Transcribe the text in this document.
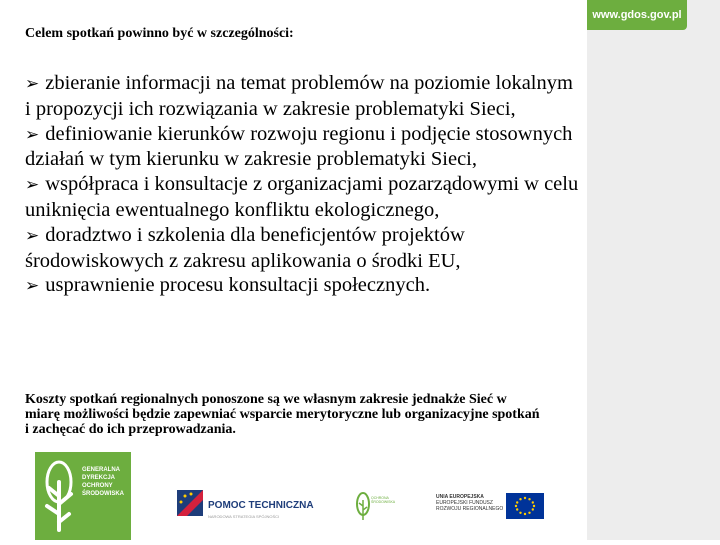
www.gdos.gov.pl

Celem spotkań powinno być w szczególności:

➢ zbieranie informacji na temat problemów na poziomie lokalnym i propozycji ich rozwiązania w zakresie problematyki Sieci,
➢ definiowanie kierunków rozwoju regionu i podjęcie stosownych działań w tym kierunku w zakresie problematyki Sieci,
➢ współpraca i konsultacje z organizacjami pozarządowymi w celu uniknięcia ewentualnego konfliktu ekologicznego,
➢ doradztwo i szkolenia dla beneficjentów projektów środowiskowych z zakresu aplikowania o środki EU,
➢ usprawnienie procesu konsultacji społecznych.

Koszty spotkań regionalnych ponoszone są we własnym zakresie jednakże Sieć w miarę możliwości będzie zapewniać wsparcie merytoryczne lub organizacyjne spotkań i zachęcać do ich przeprowadzania.

GENERALNA DYREKCJA OCHRONY ŚRODOWISKA
POMOC TECHNICZNA
NARODOWA STRATEGIA SPÓJNOŚCI
OCHRONA ŚRODOWISKA
UNIA EUROPEJSKA
EUROPEJSKI FUNDUSZ ROZWOJU REGIONALNEGO
